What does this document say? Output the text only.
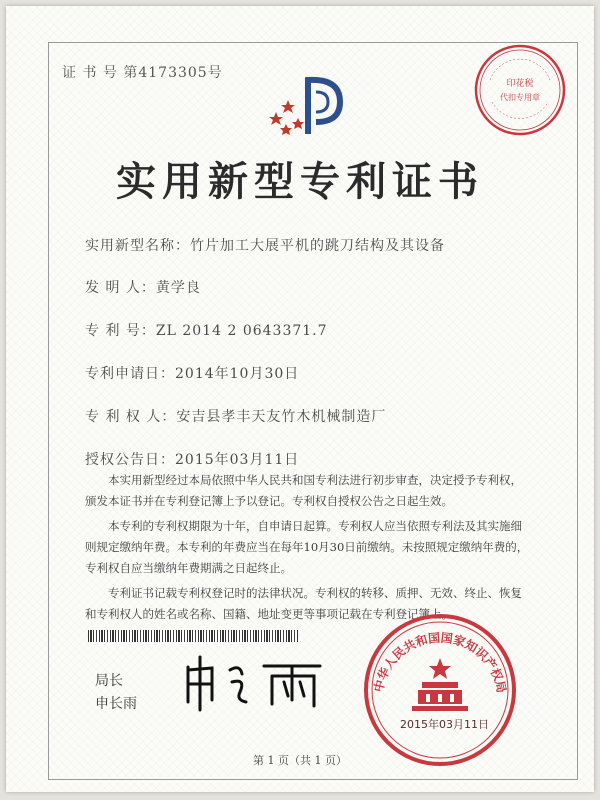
证 书 号 第4173305号
印花税
代扣专用章
实用新型专利证书
实用新型名称：竹片加工大展平机的跳刀结构及其设备
发 明 人：黄学良
专 利 号：ZL 2014 2 0643371.7
专利申请日：2014年10月30日
专 利 权 人：安吉县孝丰天友竹木机械制造厂
授权公告日：2015年03月11日

本实用新型经过本局依照中华人民共和国专利法进行初步审查，决定授予专利权，颁发本证书并在专利登记簿上予以登记。专利权自授权公告之日起生效。

本专利的专利权期限为十年，自申请日起算。专利权人应当依照专利法及其实施细则规定缴纳年费。本专利的年费应当在每年10月30日前缴纳。未按照规定缴纳年费的，专利权自应当缴纳年费期满之日起终止。

专利证书记载专利权登记时的法律状况。专利权的转移、质押、无效、终止、恢复和专利权人的姓名或名称、国籍、地址变更等事项记载在专利登记簿上。

局长
申长雨
中华人民共和国国家知识产权局
2015年03月11日
第 1 页（共 1 页）
